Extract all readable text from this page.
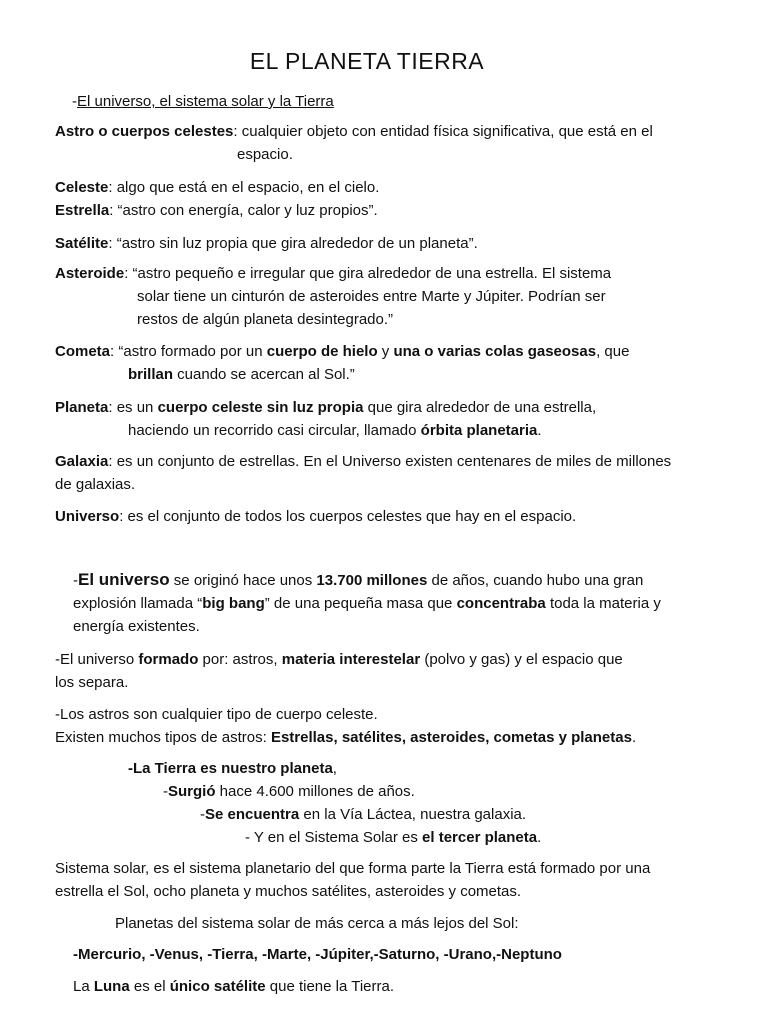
EL PLANETA TIERRA
-El universo, el sistema solar y la Tierra
Astro o cuerpos celestes: cualquier objeto con entidad física significativa, que está en el
espacio.
Celeste: algo que está en el espacio, en el cielo.
Estrella: “astro con energía, calor y luz propios”.
Satélite: “astro sin luz propia que gira alrededor de un planeta”.
Asteroide: “astro pequeño e irregular que gira alrededor de una estrella. El sistema
solar tiene un cinturón de asteroides entre Marte y Júpiter. Podrían ser
restos de algún planeta desintegrado.”
Cometa: “astro formado por un cuerpo de hielo y una o varias colas gaseosas, que
brillan cuando se acercan al Sol.”
Planeta: es un cuerpo celeste sin luz propia que gira alrededor de una estrella,
haciendo un recorrido casi circular, llamado órbita planetaria.
Galaxia: es un conjunto de estrellas. En el Universo existen centenares de miles de millones
de galaxias.
Universo: es el conjunto de todos los cuerpos celestes que hay en el espacio.
-El universo se originó hace unos 13.700 millones de años, cuando hubo una gran
explosión llamada “big bang” de una pequeña masa que concentraba toda la materia y
energía existentes.
-El universo formado por: astros, materia interestelar (polvo y gas) y el espacio que
los separa.
-Los astros son cualquier tipo de cuerpo celeste.
Existen muchos tipos de astros: Estrellas, satélites, asteroides, cometas y planetas.
-La Tierra es nuestro planeta,
-Surgió hace 4.600 millones de años.
-Se encuentra en la Vía Láctea, nuestra galaxia.
- Y en el Sistema Solar es el tercer planeta.
Sistema solar, es el sistema planetario del que forma parte la Tierra está formado por una
estrella el Sol, ocho planeta y muchos satélites, asteroides y cometas.
Planetas del sistema solar de más cerca a más lejos del Sol:
-Mercurio, -Venus, -Tierra, -Marte, -Júpiter,-Saturno, -Urano,-Neptuno
La Luna es el único satélite que tiene la Tierra.
